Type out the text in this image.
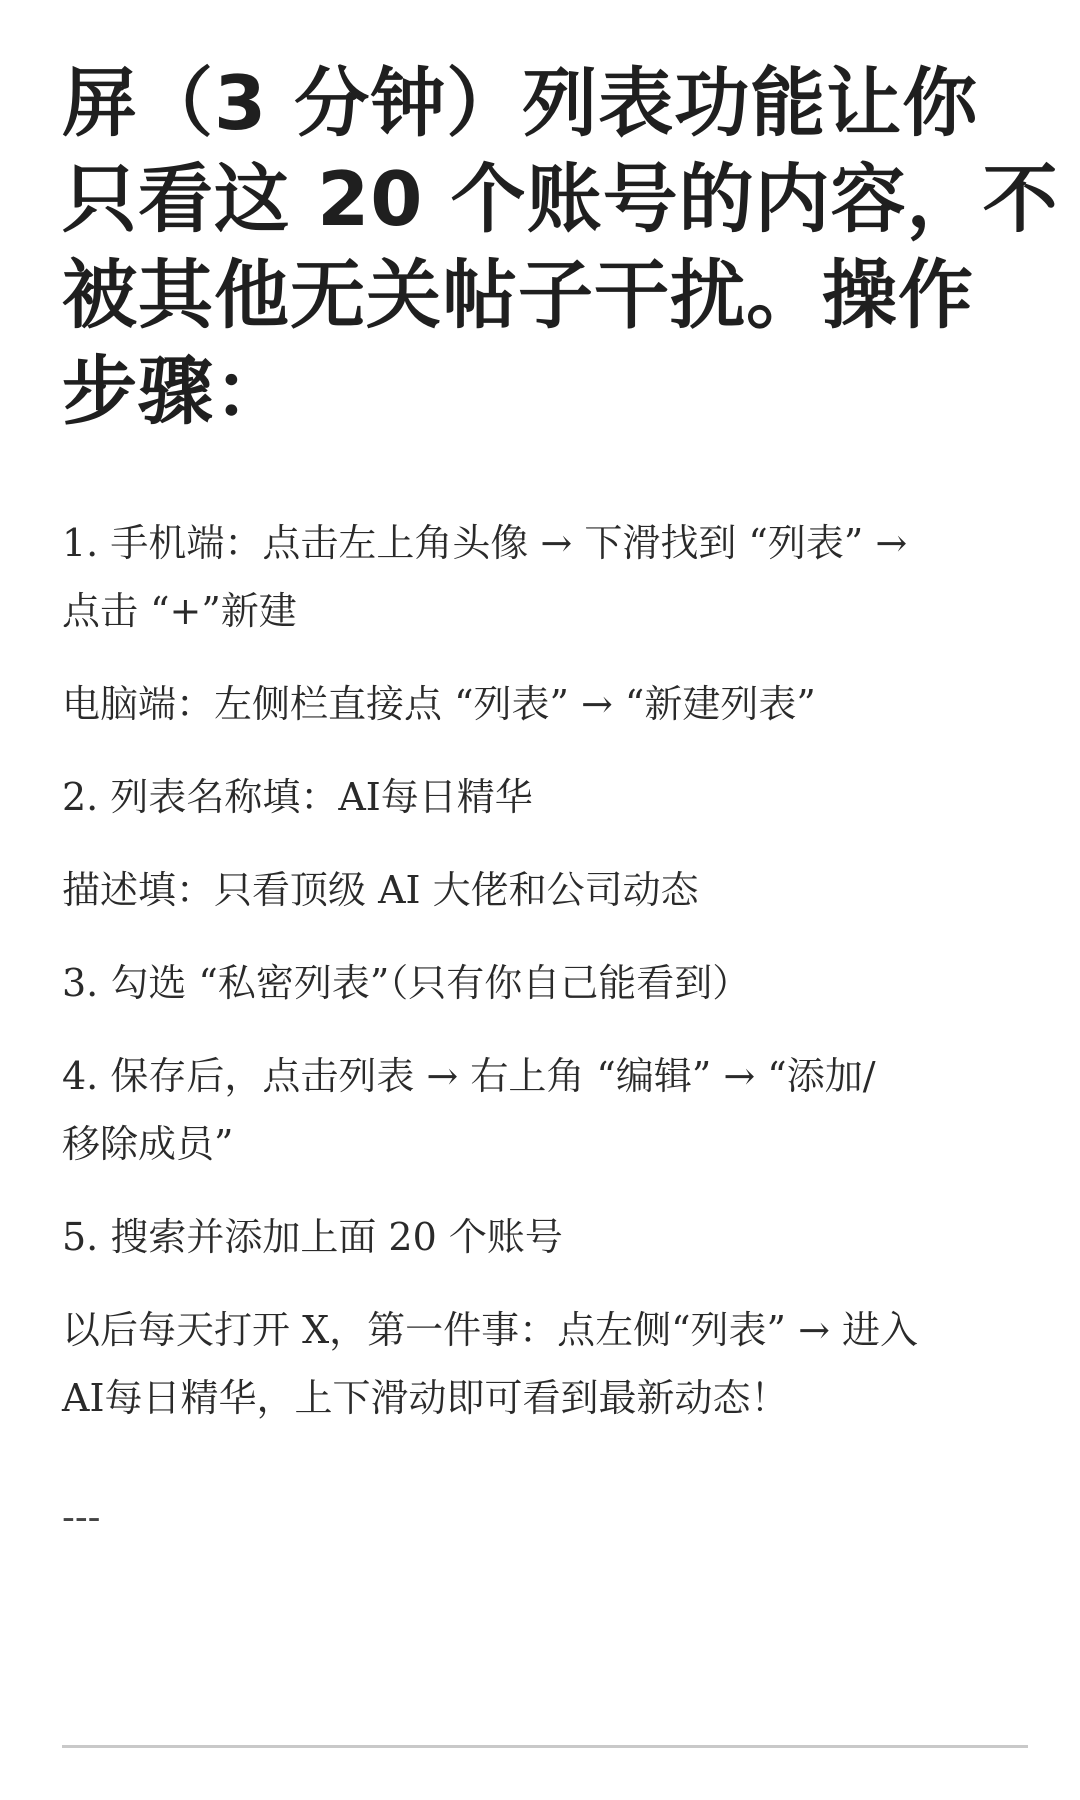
屏（3 分钟）列表功能让你
只看这 20 个账号的内容，不
被其他无关帖子干扰。操作
步骤：

1. 手机端：点击左上角头像 → 下滑找到 “列表” →
点击 “+”新建

电脑端：左侧栏直接点 “列表” → “新建列表”

2. 列表名称填：AI每日精华

描述填：只看顶级 AI 大佬和公司动态

3. 勾选 “私密列表”（只有你自己能看到）

4. 保存后，点击列表 → 右上角 “编辑” → “添加/
移除成员”

5. 搜索并添加上面 20 个账号

以后每天打开 X，第一件事：点左侧“列表” → 进入
AI每日精华，上下滑动即可看到最新动态！

---
